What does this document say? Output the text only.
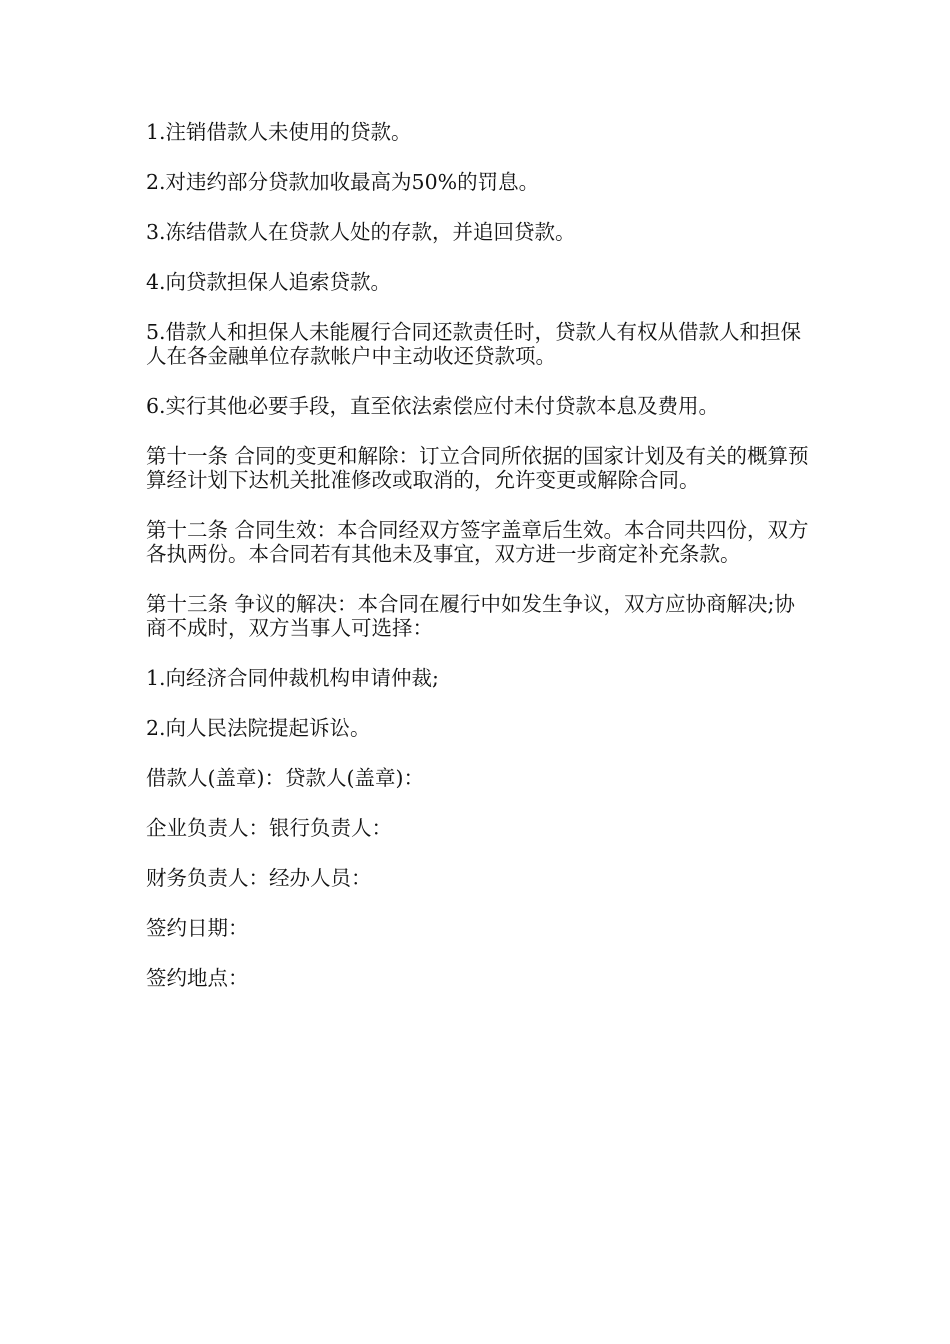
1.注销借款人未使用的贷款。

2.对违约部分贷款加收最高为50%的罚息。

3.冻结借款人在贷款人处的存款，并追回贷款。

4.向贷款担保人追索贷款。

5.借款人和担保人未能履行合同还款责任时，贷款人有权从借款人和担保人在各金融单位存款帐户中主动收还贷款项。

6.实行其他必要手段，直至依法索偿应付未付贷款本息及费用。

第十一条 合同的变更和解除：订立合同所依据的国家计划及有关的概算预算经计划下达机关批准修改或取消的，允许变更或解除合同。

第十二条 合同生效：本合同经双方签字盖章后生效。本合同共四份，双方各执两份。本合同若有其他未及事宜，双方进一步商定补充条款。

第十三条 争议的解决：本合同在履行中如发生争议，双方应协商解决;协商不成时，双方当事人可选择：

1.向经济合同仲裁机构申请仲裁;

2.向人民法院提起诉讼。

借款人(盖章)：贷款人(盖章)：

企业负责人：银行负责人：

财务负责人：经办人员：

签约日期：

签约地点：
